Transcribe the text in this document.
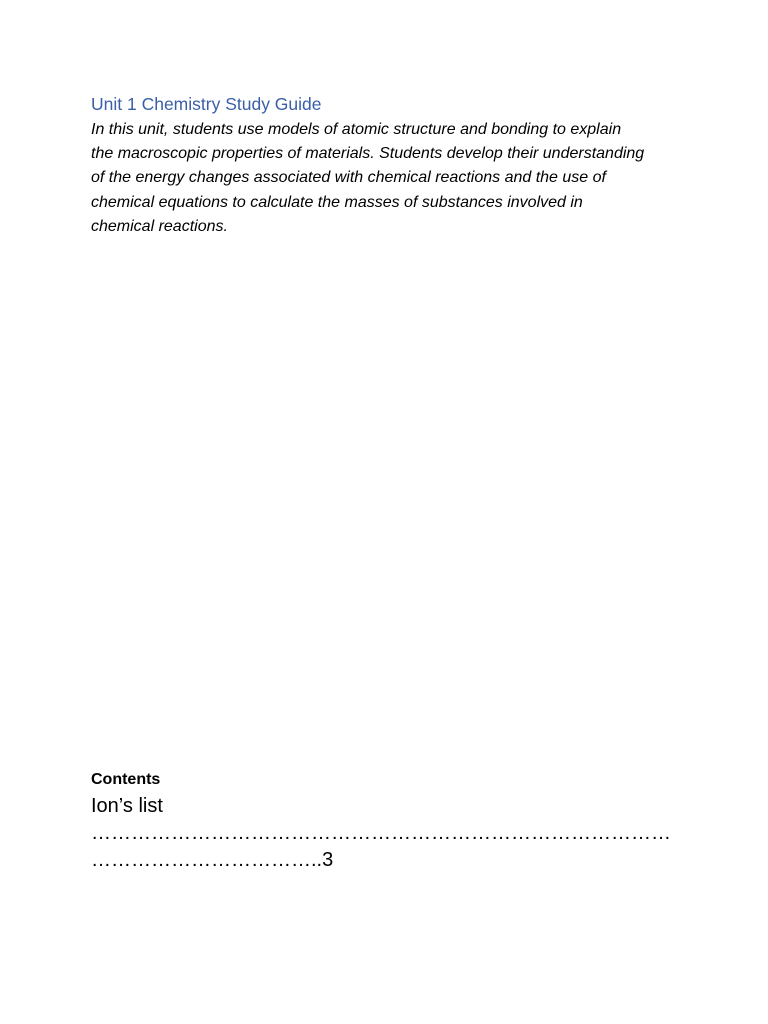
Unit 1 Chemistry Study Guide

In this unit, students use models of atomic structure and bonding to explain
the macroscopic properties of materials. Students develop their understanding
of the energy changes associated with chemical reactions and the use of
chemical equations to calculate the masses of substances involved in
chemical reactions.

Contents
Ion’s list
……………………………………………………………………………
……………………………..3
